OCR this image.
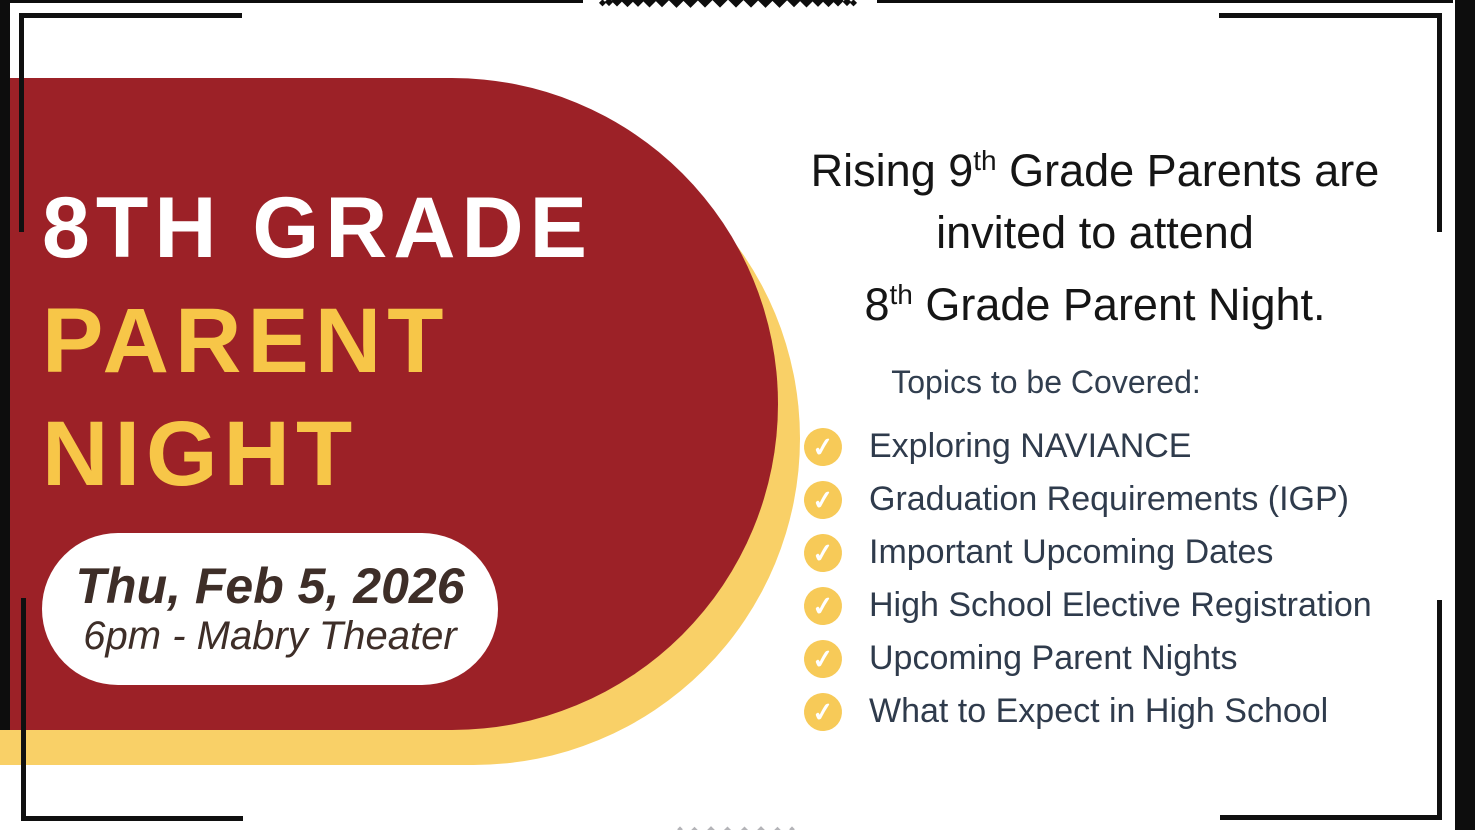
8TH GRADE
PARENT
NIGHT
Thu, Feb 5, 2026
6pm - Mabry Theater
Rising 9th Grade Parents are
invited to attend
8th Grade Parent Night.
Topics to be Covered:
✓ Exploring NAVIANCE
✓ Graduation Requirements (IGP)
✓ Important Upcoming Dates
✓ High School Elective Registration
✓ Upcoming Parent Nights
✓ What to Expect in High School
